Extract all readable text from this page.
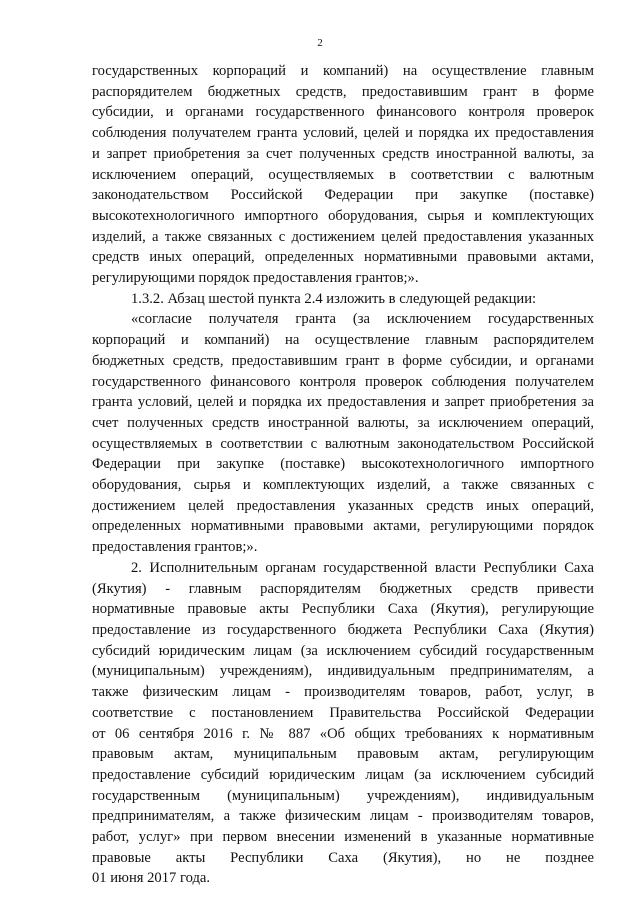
2
государственных корпораций и компаний) на осуществление главным
распорядителем бюджетных средств, предоставившим грант в форме
субсидии, и органами государственного финансового контроля проверок
соблюдения получателем гранта условий, целей и порядка их предоставления
и запрет приобретения за счет полученных средств иностранной валюты, за
исключением операций, осуществляемых в соответствии с валютным
законодательством Российской Федерации при закупке (поставке)
высокотехнологичного импортного оборудования, сырья и комплектующих
изделий, а также связанных с достижением целей предоставления указанных
средств иных операций, определенных нормативными правовыми актами,
регулирующими порядок предоставления грантов;».
1.3.2. Абзац шестой пункта 2.4 изложить в следующей редакции:
«согласие получателя гранта (за исключением государственных
корпораций и компаний) на осуществление главным распорядителем
бюджетных средств, предоставившим грант в форме субсидии, и органами
государственного финансового контроля проверок соблюдения получателем
гранта условий, целей и порядка их предоставления и запрет приобретения за
счет полученных средств иностранной валюты, за исключением операций,
осуществляемых в соответствии с валютным законодательством Российской
Федерации при закупке (поставке) высокотехнологичного импортного
оборудования, сырья и комплектующих изделий, а также связанных с
достижением целей предоставления указанных средств иных операций,
определенных нормативными правовыми актами, регулирующими порядок
предоставления грантов;».
2. Исполнительным органам государственной власти Республики Саха
(Якутия) - главным распорядителям бюджетных средств привести
нормативные правовые акты Республики Саха (Якутия), регулирующие
предоставление из государственного бюджета Республики Саха (Якутия)
субсидий юридическим лицам (за исключением субсидий государственным
(муниципальным) учреждениям), индивидуальным предпринимателям, а
также физическим лицам - производителям товаров, работ, услуг, в
соответствие с постановлением Правительства Российской Федерации
от 06 сентября 2016 г. № 887 «Об общих требованиях к нормативным
правовым актам, муниципальным правовым актам, регулирующим
предоставление субсидий юридическим лицам (за исключением субсидий
государственным (муниципальным) учреждениям), индивидуальным
предпринимателям, а также физическим лицам - производителям товаров,
работ, услуг» при первом внесении изменений в указанные нормативные
правовые акты Республики Саха (Якутия), но не позднее
01 июня 2017 года.
